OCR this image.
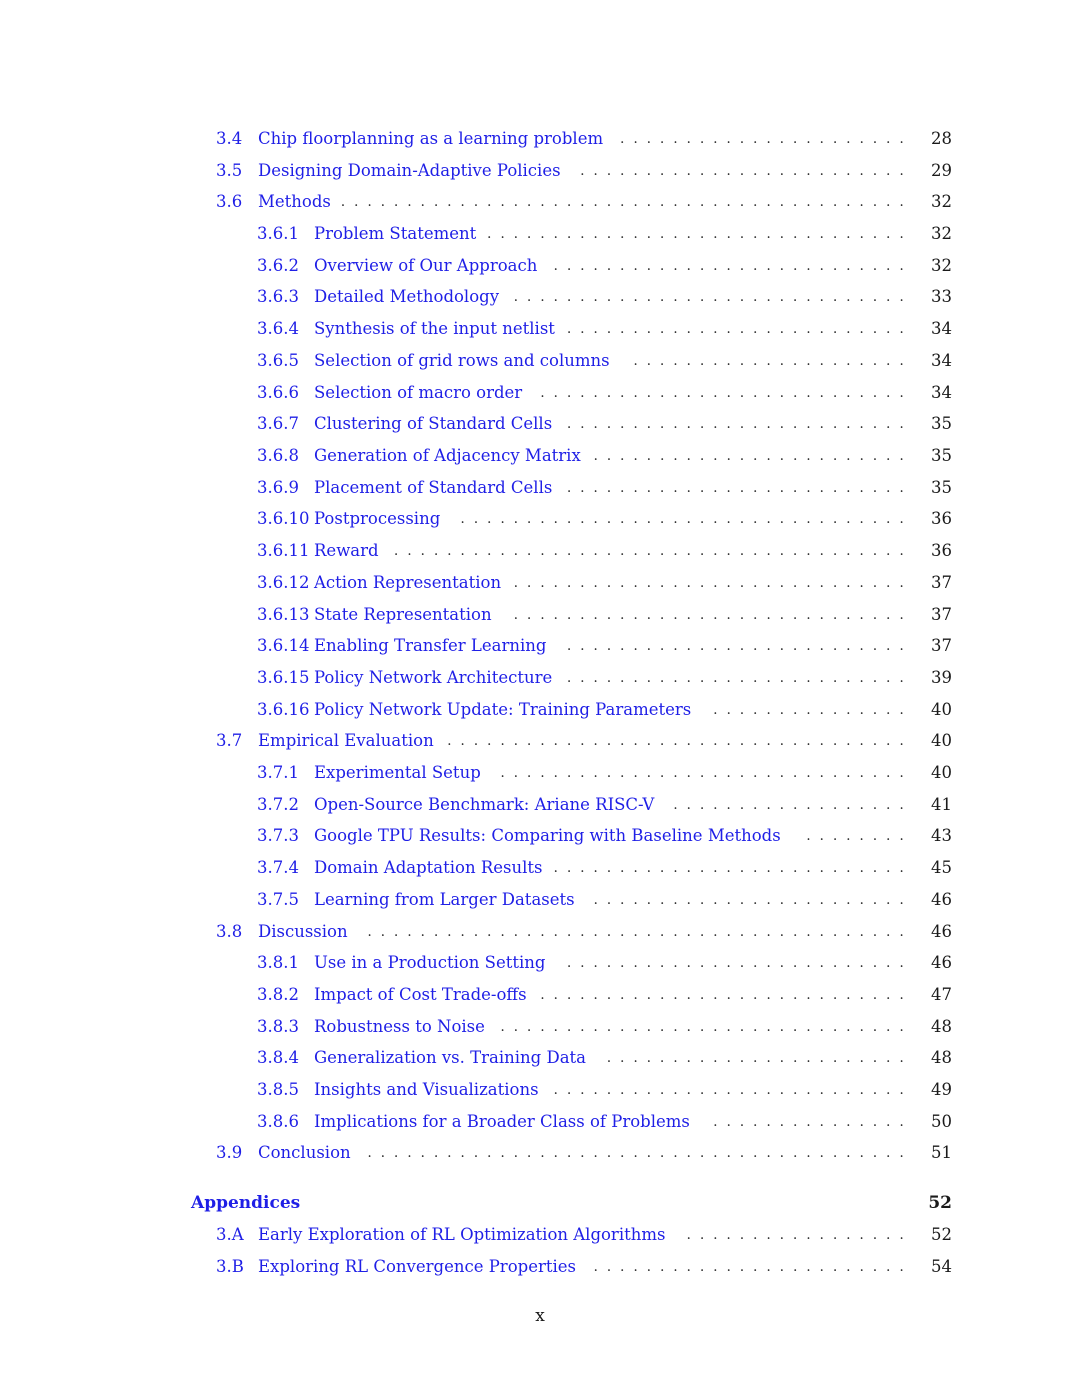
3.4 Chip floorplanning as a learning problem	. . . . . . . . . . . . . . . . . . . . . .	28
3.5 Designing Domain-Adaptive Policies	. . . . . . . . . . . . . . . . . . . . . . . . .	29
3.6 Methods . . . . . . . . . . . . . . . . . . . . . . . . . . . . . . . . . . . . . . . . . . .	32
3.6.1 Problem Statement . . . . . . . . . . . . . . . . . . . . . . . . . . . . . . . .	32
3.6.2 Overview of Our Approach	. . . . . . . . . . . . . . . . . . . . . . . . . . .	32
3.6.3 Detailed Methodology	. . . . . . . . . . . . . . . . . . . . . . . . . . . . . .	33
3.6.4 Synthesis of the input netlist . . . . . . . . . . . . . . . . . . . . . . . . . .	34
3.6.5 Selection of grid rows and columns	. . . . . . . . . . . . . . . . . . . . .	34
3.6.6 Selection of macro order	. . . . . . . . . . . . . . . . . . . . . . . . . . . .	34
3.6.7 Clustering of Standard Cells	. . . . . . . . . . . . . . . . . . . . . . . . . .	35
3.6.8 Generation of Adjacency Matrix . . . . . . . . . . . . . . . . . . . . . . . .	35
3.6.9 Placement of Standard Cells	. . . . . . . . . . . . . . . . . . . . . . . . . .	35
3.6.10 Postprocessing	. . . . . . . . . . . . . . . . . . . . . . . . . . . . . . . . . .	36
3.6.11 Reward	. . . . . . . . . . . . . . . . . . . . . . . . . . . . . . . . . . . . . . .	36
3.6.12 Action Representation . . . . . . . . . . . . . . . . . . . . . . . . . . . . . .	37
3.6.13 State Representation	. . . . . . . . . . . . . . . . . . . . . . . . . . . . . .	37
3.6.14 Enabling Transfer Learning	. . . . . . . . . . . . . . . . . . . . . . . . . .	37
3.6.15 Policy Network Architecture	. . . . . . . . . . . . . . . . . . . . . . . . . .	39
3.6.16 Policy Network Update: Training Parameters	. . . . . . . . . . . . . . .	40
3.7 Empirical Evaluation . . . . . . . . . . . . . . . . . . . . . . . . . . . . . . . . . . .	40
3.7.1 Experimental Setup	. . . . . . . . . . . . . . . . . . . . . . . . . . . . . . .	40
3.7.2 Open-Source Benchmark: Ariane RISC-V	. . . . . . . . . . . . . . . . . .	41
3.7.3 Google TPU Results: Comparing with Baseline Methods	. . . . . . . .	43
3.7.4 Domain Adaptation Results . . . . . . . . . . . . . . . . . . . . . . . . . . .	45
3.7.5 Learning from Larger Datasets	. . . . . . . . . . . . . . . . . . . . . . . .	46
3.8 Discussion	. . . . . . . . . . . . . . . . . . . . . . . . . . . . . . . . . . . . . . . . .	46
3.8.1 Use in a Production Setting	. . . . . . . . . . . . . . . . . . . . . . . . . .	46
3.8.2 Impact of Cost Trade-offs . . . . . . . . . . . . . . . . . . . . . . . . . . . .	47
3.8.3 Robustness to Noise	. . . . . . . . . . . . . . . . . . . . . . . . . . . . . . .	48
3.8.4 Generalization vs. Training Data	. . . . . . . . . . . . . . . . . . . . . . .	48
3.8.5 Insights and Visualizations	. . . . . . . . . . . . . . . . . . . . . . . . . . .	49
3.8.6 Implications for a Broader Class of Problems	. . . . . . . . . . . . . . .	50
3.9 Conclusion	. . . . . . . . . . . . . . . . . . . . . . . . . . . . . . . . . . . . . . . . .	51
Appendices	52
3.A Early Exploration of RL Optimization Algorithms	. . . . . . . . . . . . . . . . .	52
3.B Exploring RL Convergence Properties	. . . . . . . . . . . . . . . . . . . . . . . .	54
x
